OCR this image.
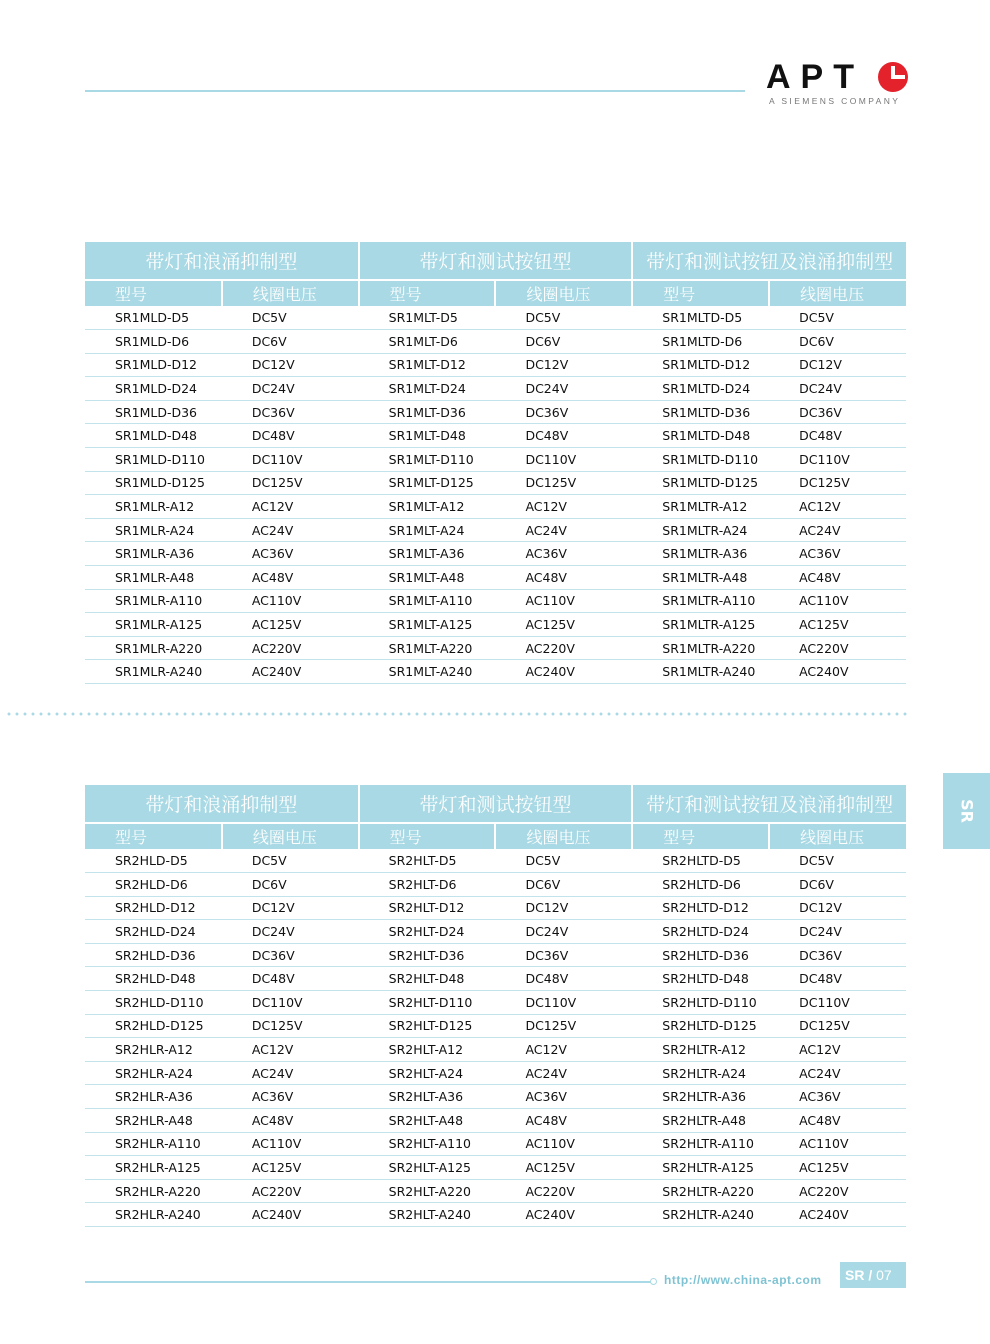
APT
A SIEMENS COMPANY
带灯和浪涌抑制型		带灯和测试按钮型		带灯和测试按钮及浪涌抑制型	
型号	线圈电压	型号	线圈电压	型号	线圈电压
SR1MLD-D5	DC5V	SR1MLT-D5	DC5V	SR1MLTD-D5	DC5V
SR1MLD-D6	DC6V	SR1MLT-D6	DC6V	SR1MLTD-D6	DC6V
SR1MLD-D12	DC12V	SR1MLT-D12	DC12V	SR1MLTD-D12	DC12V
SR1MLD-D24	DC24V	SR1MLT-D24	DC24V	SR1MLTD-D24	DC24V
SR1MLD-D36	DC36V	SR1MLT-D36	DC36V	SR1MLTD-D36	DC36V
SR1MLD-D48	DC48V	SR1MLT-D48	DC48V	SR1MLTD-D48	DC48V
SR1MLD-D110	DC110V	SR1MLT-D110	DC110V	SR1MLTD-D110	DC110V
SR1MLD-D125	DC125V	SR1MLT-D125	DC125V	SR1MLTD-D125	DC125V
SR1MLR-A12	AC12V	SR1MLT-A12	AC12V	SR1MLTR-A12	AC12V
SR1MLR-A24	AC24V	SR1MLT-A24	AC24V	SR1MLTR-A24	AC24V
SR1MLR-A36	AC36V	SR1MLT-A36	AC36V	SR1MLTR-A36	AC36V
SR1MLR-A48	AC48V	SR1MLT-A48	AC48V	SR1MLTR-A48	AC48V
SR1MLR-A110	AC110V	SR1MLT-A110	AC110V	SR1MLTR-A110	AC110V
SR1MLR-A125	AC125V	SR1MLT-A125	AC125V	SR1MLTR-A125	AC125V
SR1MLR-A220	AC220V	SR1MLT-A220	AC220V	SR1MLTR-A220	AC220V
SR1MLR-A240	AC240V	SR1MLT-A240	AC240V	SR1MLTR-A240	AC240V
带灯和浪涌抑制型		带灯和测试按钮型		带灯和测试按钮及浪涌抑制型	
型号	线圈电压	型号	线圈电压	型号	线圈电压
SR2HLD-D5	DC5V	SR2HLT-D5	DC5V	SR2HLTD-D5	DC5V
SR2HLD-D6	DC6V	SR2HLT-D6	DC6V	SR2HLTD-D6	DC6V
SR2HLD-D12	DC12V	SR2HLT-D12	DC12V	SR2HLTD-D12	DC12V
SR2HLD-D24	DC24V	SR2HLT-D24	DC24V	SR2HLTD-D24	DC24V
SR2HLD-D36	DC36V	SR2HLT-D36	DC36V	SR2HLTD-D36	DC36V
SR2HLD-D48	DC48V	SR2HLT-D48	DC48V	SR2HLTD-D48	DC48V
SR2HLD-D110	DC110V	SR2HLT-D110	DC110V	SR2HLTD-D110	DC110V
SR2HLD-D125	DC125V	SR2HLT-D125	DC125V	SR2HLTD-D125	DC125V
SR2HLR-A12	AC12V	SR2HLT-A12	AC12V	SR2HLTR-A12	AC12V
SR2HLR-A24	AC24V	SR2HLT-A24	AC24V	SR2HLTR-A24	AC24V
SR2HLR-A36	AC36V	SR2HLT-A36	AC36V	SR2HLTR-A36	AC36V
SR2HLR-A48	AC48V	SR2HLT-A48	AC48V	SR2HLTR-A48	AC48V
SR2HLR-A110	AC110V	SR2HLT-A110	AC110V	SR2HLTR-A110	AC110V
SR2HLR-A125	AC125V	SR2HLT-A125	AC125V	SR2HLTR-A125	AC125V
SR2HLR-A220	AC220V	SR2HLT-A220	AC220V	SR2HLTR-A220	AC220V
SR2HLR-A240	AC240V	SR2HLT-A240	AC240V	SR2HLTR-A240	AC240V
SR
http://www.china-apt.com	SR / 07
